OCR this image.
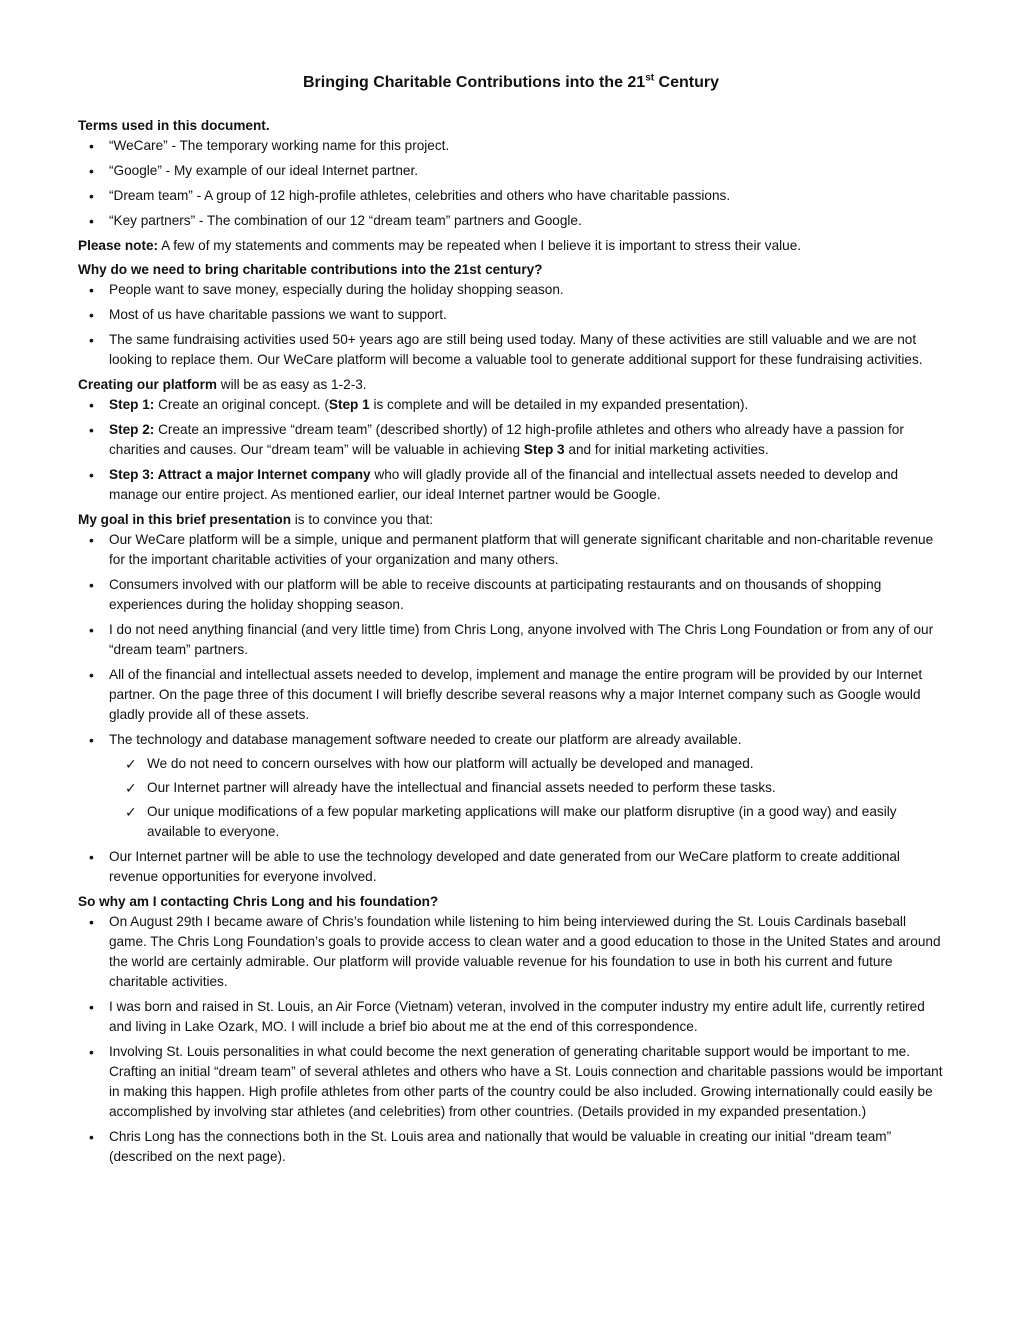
Bringing Charitable Contributions into the 21st Century

Terms used in this document.

• “WeCare” - The temporary working name for this project.
• “Google” - My example of our ideal Internet partner.
• “Dream team” - A group of 12 high-profile athletes, celebrities and others who have charitable passions.
• “Key partners” - The combination of our 12 “dream team” partners and Google.

Please note: A few of my statements and comments may be repeated when I believe it is important to stress their value.

Why do we need to bring charitable contributions into the 21st century?

• People want to save money, especially during the holiday shopping season.
• Most of us have charitable passions we want to support.
• The same fundraising activities used 50+ years ago are still being used today. Many of these activities are still valuable and we are not looking to replace them. Our WeCare platform will become a valuable tool to generate additional support for these fundraising activities.

Creating our platform will be as easy as 1-2-3.

• Step 1: Create an original concept. (Step 1 is complete and will be detailed in my expanded presentation).
• Step 2: Create an impressive “dream team” (described shortly) of 12 high-profile athletes and others who already have a passion for charities and causes. Our “dream team” will be valuable in achieving Step 3 and for initial marketing activities.
• Step 3: Attract a major Internet company who will gladly provide all of the financial and intellectual assets needed to develop and manage our entire project. As mentioned earlier, our ideal Internet partner would be Google.

My goal in this brief presentation is to convince you that:

• Our WeCare platform will be a simple, unique and permanent platform that will generate significant charitable and non-charitable revenue for the important charitable activities of your organization and many others.
• Consumers involved with our platform will be able to receive discounts at participating restaurants and on thousands of shopping experiences during the holiday shopping season.
• I do not need anything financial (and very little time) from Chris Long, anyone involved with The Chris Long Foundation or from any of our “dream team” partners.
• All of the financial and intellectual assets needed to develop, implement and manage the entire program will be provided by our Internet partner. On the page three of this document I will briefly describe several reasons why a major Internet company such as Google would gladly provide all of these assets.
• The technology and database management software needed to create our platform are already available.
✓ We do not need to concern ourselves with how our platform will actually be developed and managed.
✓ Our Internet partner will already have the intellectual and financial assets needed to perform these tasks.
✓ Our unique modifications of a few popular marketing applications will make our platform disruptive (in a good way) and easily available to everyone.
• Our Internet partner will be able to use the technology developed and date generated from our WeCare platform to create additional revenue opportunities for everyone involved.

So why am I contacting Chris Long and his foundation?

• On August 29th I became aware of Chris’s foundation while listening to him being interviewed during the St. Louis Cardinals baseball game. The Chris Long Foundation’s goals to provide access to clean water and a good education to those in the United States and around the world are certainly admirable. Our platform will provide valuable revenue for his foundation to use in both his current and future charitable activities.
• I was born and raised in St. Louis, an Air Force (Vietnam) veteran, involved in the computer industry my entire adult life, currently retired and living in Lake Ozark, MO. I will include a brief bio about me at the end of this correspondence.
• Involving St. Louis personalities in what could become the next generation of generating charitable support would be important to me. Crafting an initial “dream team” of several athletes and others who have a St. Louis connection and charitable passions would be important in making this happen. High profile athletes from other parts of the country could be also included. Growing internationally could easily be accomplished by involving star athletes (and celebrities) from other countries. (Details provided in my expanded presentation.)
• Chris Long has the connections both in the St. Louis area and nationally that would be valuable in creating our initial “dream team” (described on the next page).
